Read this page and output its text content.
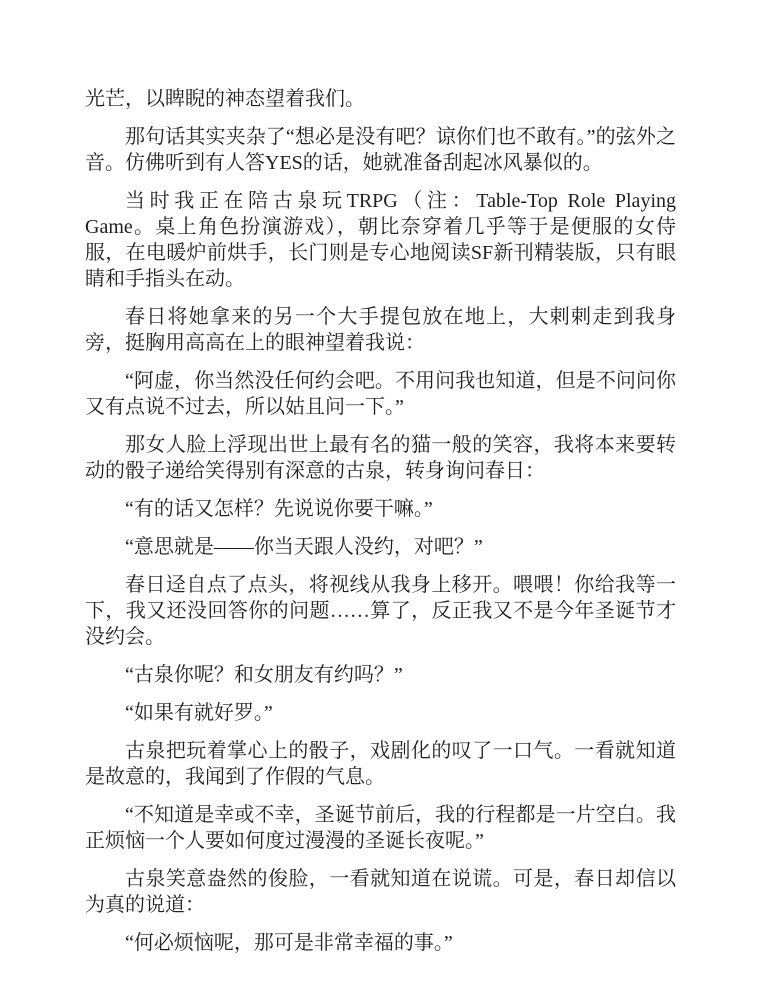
光芒，以睥睨的神态望着我们。

那句话其实夹杂了“想必是没有吧？谅你们也不敢有。”的弦外之音。仿佛听到有人答YES的话，她就准备刮起冰风暴似的。

当时我正在陪古泉玩TRPG（注：Table-Top Role Playing Game。桌上角色扮演游戏），朝比奈穿着几乎等于是便服的女侍服，在电暖炉前烘手，长门则是专心地阅读SF新刊精装版，只有眼睛和手指头在动。

春日将她拿来的另一个大手提包放在地上，大剌剌走到我身旁，挺胸用高高在上的眼神望着我说：

“阿虚，你当然没任何约会吧。不用问我也知道，但是不问问你又有点说不过去，所以姑且问一下。”

那女人脸上浮现出世上最有名的猫一般的笑容，我将本来要转动的骰子递给笑得别有深意的古泉，转身询问春日：

“有的话又怎样？先说说你要干嘛。”

“意思就是——你当天跟人没约，对吧？”

春日迳自点了点头，将视线从我身上移开。喂喂！你给我等一下，我又还没回答你的问题……算了，反正我又不是今年圣诞节才没约会。

“古泉你呢？和女朋友有约吗？”

“如果有就好罗。”

古泉把玩着掌心上的骰子，戏剧化的叹了一口气。一看就知道是故意的，我闻到了作假的气息。

“不知道是幸或不幸，圣诞节前后，我的行程都是一片空白。我正烦恼一个人要如何度过漫漫的圣诞长夜呢。”

古泉笑意盎然的俊脸，一看就知道在说谎。可是，春日却信以为真的说道：

“何必烦恼呢，那可是非常幸福的事。”
